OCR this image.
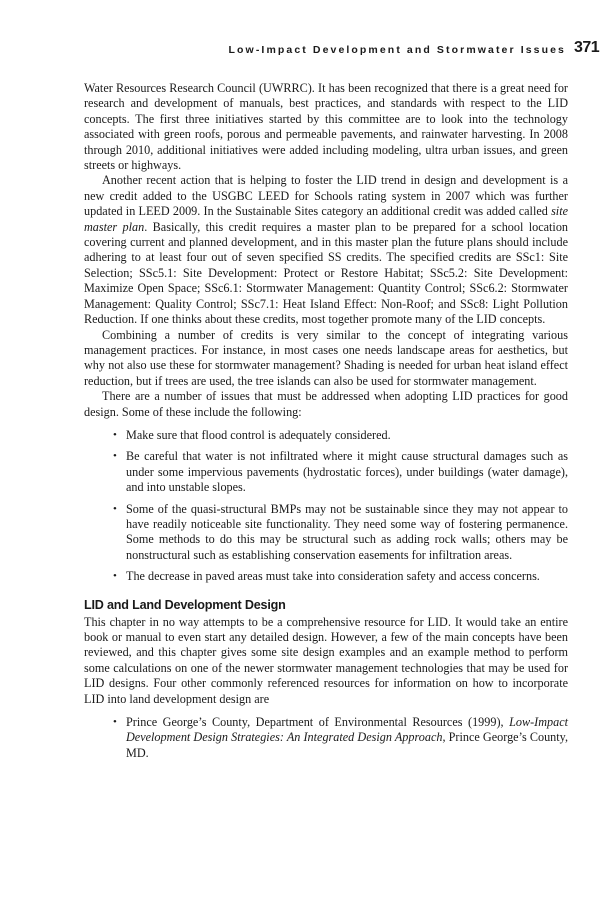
Low-Impact Development and Stormwater Issues 371

Water Resources Research Council (UWRRC). It has been recognized that there is a great need for research and development of manuals, best practices, and standards with respect to the LID concepts. The first three initiatives started by this committee are to look into the technology associated with green roofs, porous and permeable pavements, and rainwater harvesting. In 2008 through 2010, additional initiatives were added including modeling, ultra urban issues, and green streets or highways.

Another recent action that is helping to foster the LID trend in design and development is a new credit added to the USGBC LEED for Schools rating system in 2007 which was further updated in LEED 2009. In the Sustainable Sites category an additional credit was added called site master plan. Basically, this credit requires a master plan to be prepared for a school location covering current and planned development, and in this master plan the future plans should include adhering to at least four out of seven specified SS credits. The specified credits are SSc1: Site Selection; SSc5.1: Site Development: Protect or Restore Habitat; SSc5.2: Site Development: Maximize Open Space; SSc6.1: Stormwater Management: Quantity Control; SSc6.2: Stormwater Management: Quality Control; SSc7.1: Heat Island Effect: Non-Roof; and SSc8: Light Pollution Reduction. If one thinks about these credits, most together promote many of the LID concepts.

Combining a number of credits is very similar to the concept of integrating various management practices. For instance, in most cases one needs landscape areas for aesthetics, but why not also use these for stormwater management? Shading is needed for urban heat island effect reduction, but if trees are used, the tree islands can also be used for stormwater management.

There are a number of issues that must be addressed when adopting LID practices for good design. Some of these include the following:

• Make sure that flood control is adequately considered.
• Be careful that water is not infiltrated where it might cause structural damages such as under some impervious pavements (hydrostatic forces), under buildings (water damage), and into unstable slopes.
• Some of the quasi-structural BMPs may not be sustainable since they may not appear to have readily noticeable site functionality. They need some way of fostering permanence. Some methods to do this may be structural such as adding rock walls; others may be nonstructural such as establishing conservation easements for infiltration areas.
• The decrease in paved areas must take into consideration safety and access concerns.
LID and Land Development Design

This chapter in no way attempts to be a comprehensive resource for LID. It would take an entire book or manual to even start any detailed design. However, a few of the main concepts have been reviewed, and this chapter gives some site design examples and an example method to perform some calculations on one of the newer stormwater management technologies that may be used for LID designs. Four other commonly referenced resources for information on how to incorporate LID into land development design are

• Prince George’s County, Department of Environmental Resources (1999), Low-Impact Development Design Strategies: An Integrated Design Approach, Prince George’s County, MD.
